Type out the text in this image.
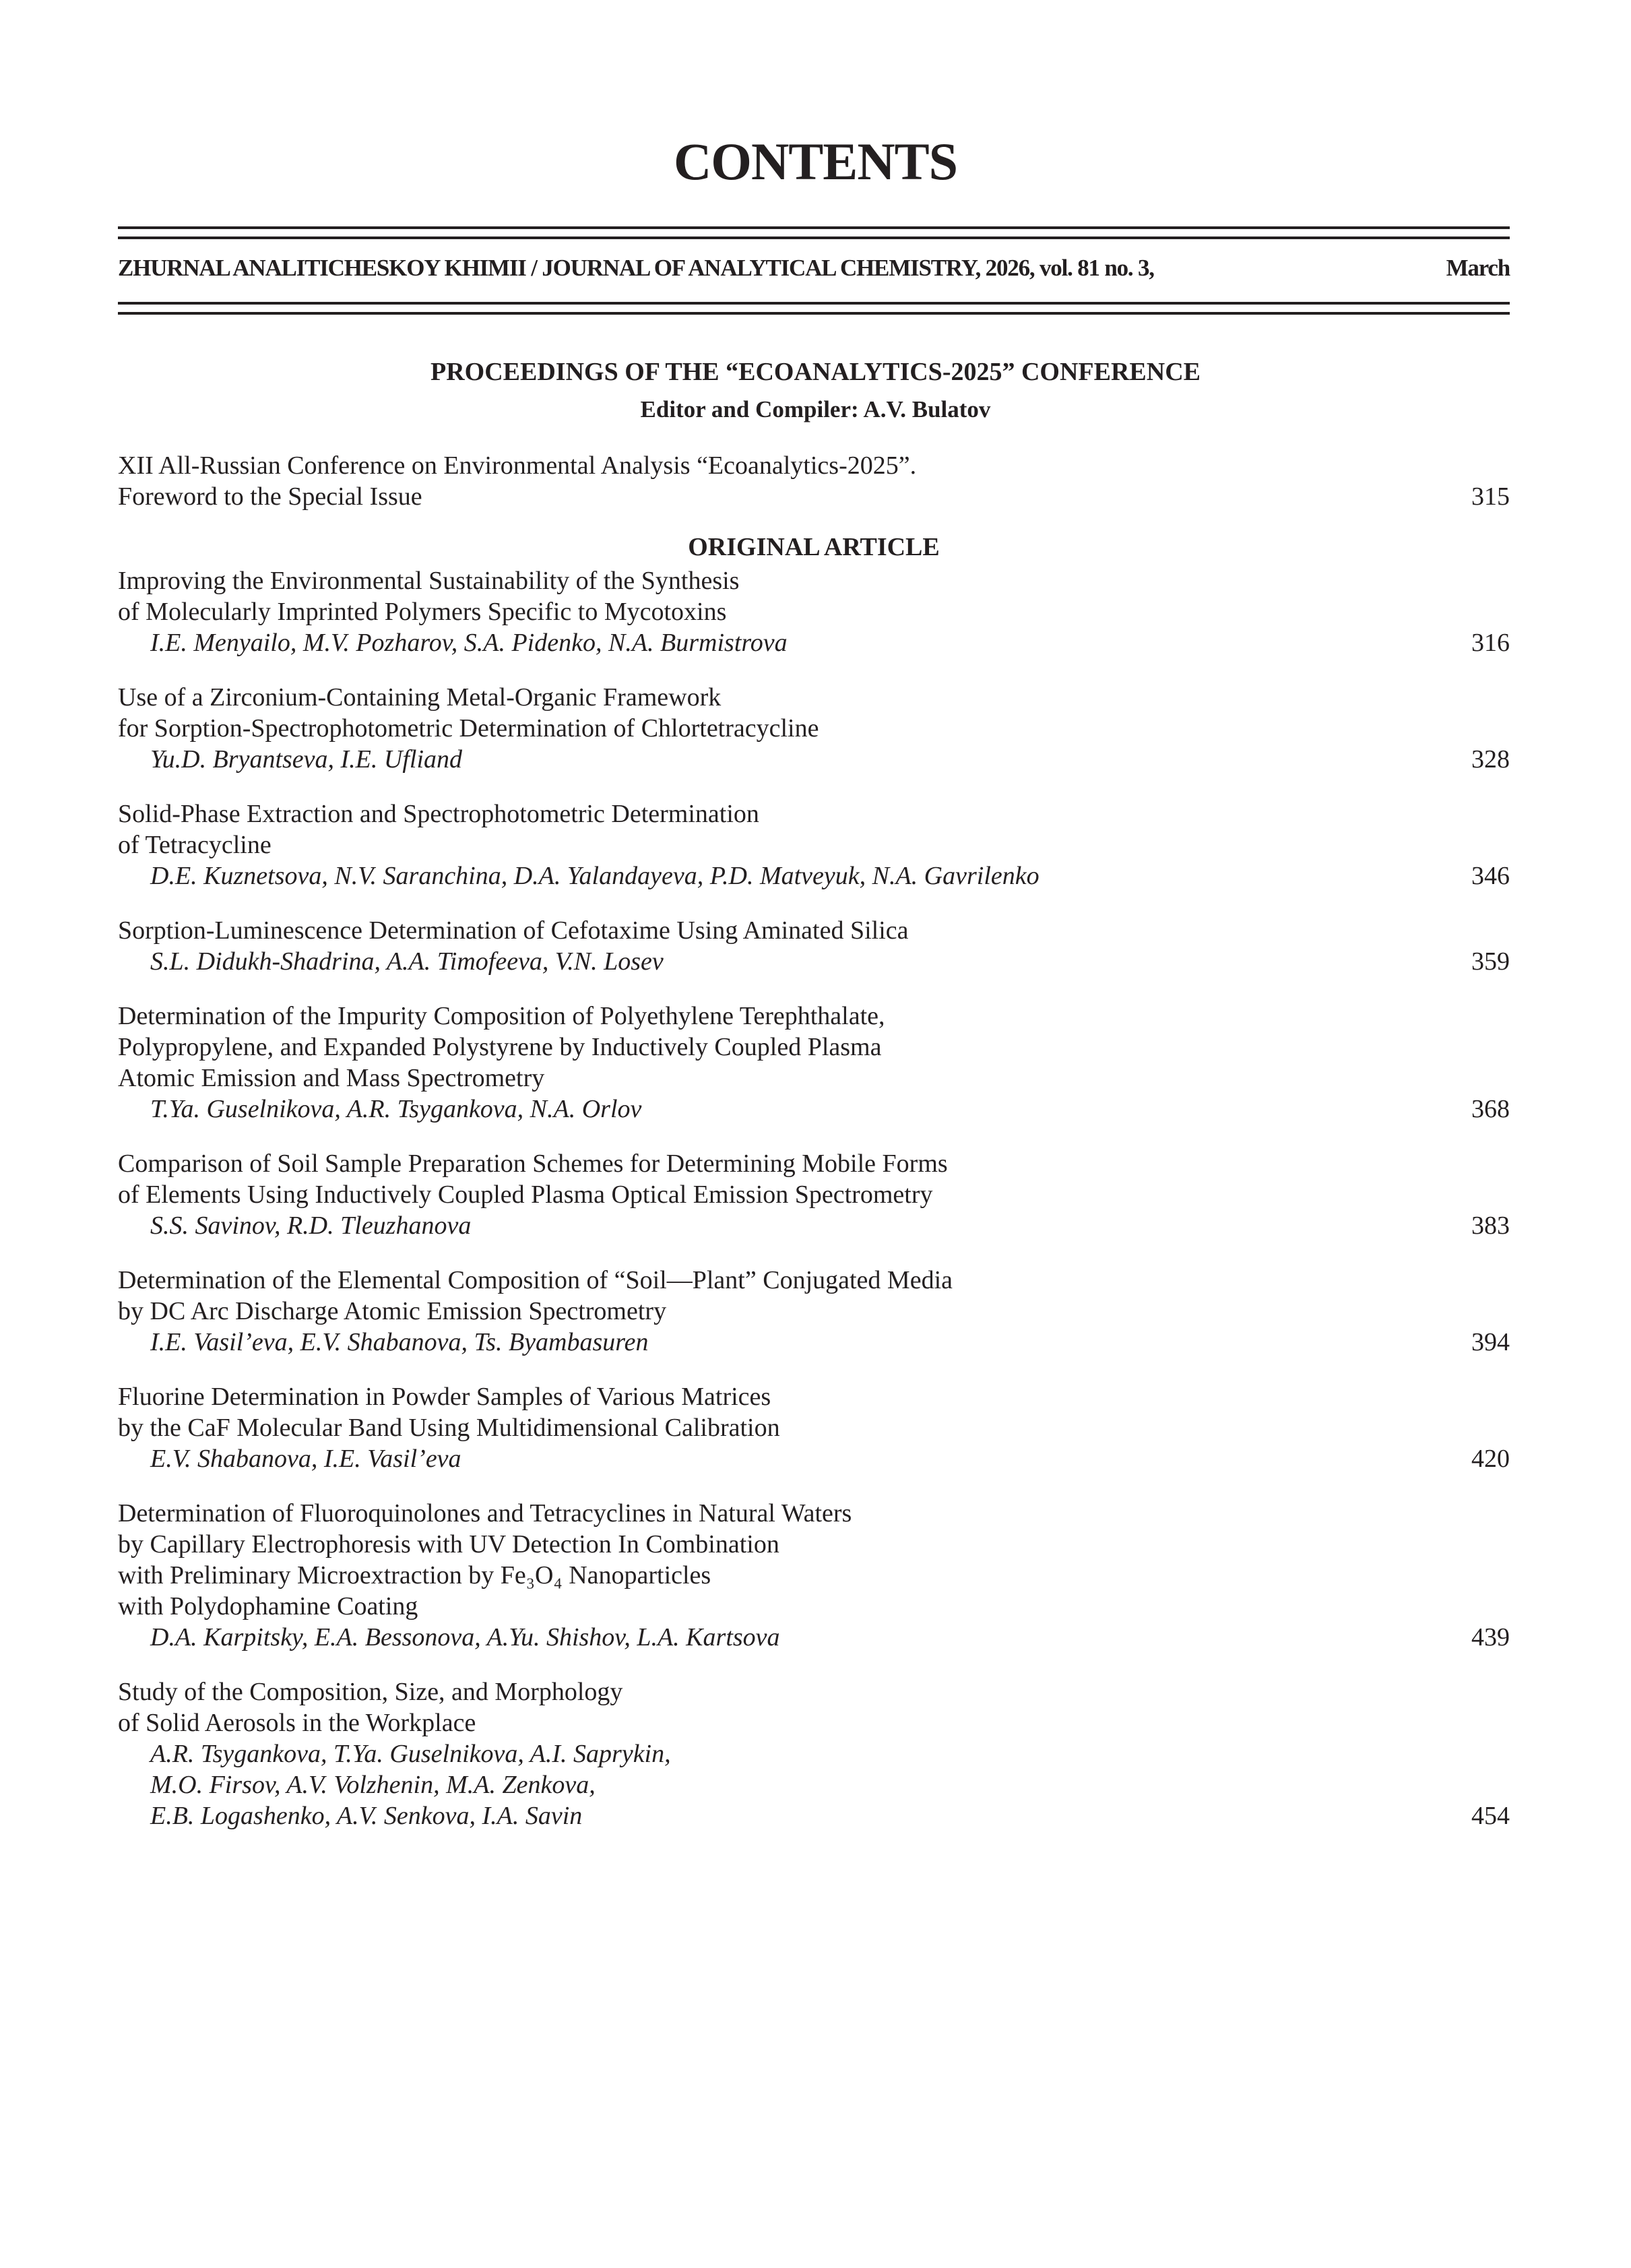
CONTENTS
ZHURNAL ANALITICHESKOY KHIMII / JOURNAL OF ANALYTICAL CHEMISTRY, 2026, vol. 81 no. 3,	March
PROCEEDINGS OF THE “ECOANALYTICS-2025” CONFERENCE
Editor and Compiler: A.V. Bulatov
XII All-Russian Conference on Environmental Analysis “Ecoanalytics-2025”.
Foreword to the Special Issue	315
ORIGINAL ARTICLE
Improving the Environmental Sustainability of the Synthesis
of Molecularly Imprinted Polymers Specific to Mycotoxins
I.E. Menyailo, M.V. Pozharov, S.A. Pidenko, N.A. Burmistrova	316
Use of a Zirconium-Containing Metal-Organic Framework
for Sorption-Spectrophotometric Determination of Chlortetracycline
Yu.D. Bryantseva, I.E. Ufliand	328
Solid-Phase Extraction and Spectrophotometric Determination
of Tetracycline
D.E. Kuznetsova, N.V. Saranchina, D.A. Yalandayeva, P.D. Matveyuk, N.A. Gavrilenko	346
Sorption-Luminescence Determination of Cefotaxime Using Aminated Silica
S.L. Didukh-Shadrina, A.A. Timofeeva, V.N. Losev	359
Determination of the Impurity Composition of Polyethylene Terephthalate,
Polypropylene, and Expanded Polystyrene by Inductively Coupled Plasma
Atomic Emission and Mass Spectrometry
T.Ya. Guselnikova, A.R. Tsygankova, N.A. Orlov	368
Comparison of Soil Sample Preparation Schemes for Determining Mobile Forms
of Elements Using Inductively Coupled Plasma Optical Emission Spectrometry
S.S. Savinov, R.D. Tleuzhanova	383
Determination of the Elemental Composition of “Soil—Plant” Conjugated Media
by DC Arc Discharge Atomic Emission Spectrometry
I.E. Vasil’eva, E.V. Shabanova, Ts. Byambasuren	394
Fluorine Determination in Powder Samples of Various Matrices
by the CaF Molecular Band Using Multidimensional Calibration
E.V. Shabanova, I.E. Vasil’eva	420
Determination of Fluoroquinolones and Tetracyclines in Natural Waters
by Capillary Electrophoresis with UV Detection In Combination
with Preliminary Microextraction by Fe₃O₄ Nanoparticles
with Polydophamine Coating
D.A. Karpitsky, E.A. Bessonova, A.Yu. Shishov, L.A. Kartsova	439
Study of the Composition, Size, and Morphology
of Solid Aerosols in the Workplace
A.R. Tsygankova, T.Ya. Guselnikova, A.I. Saprykin,
M.O. Firsov, A.V. Volzhenin, M.A. Zenkova,
E.B. Logashenko, A.V. Senkova, I.A. Savin	454
